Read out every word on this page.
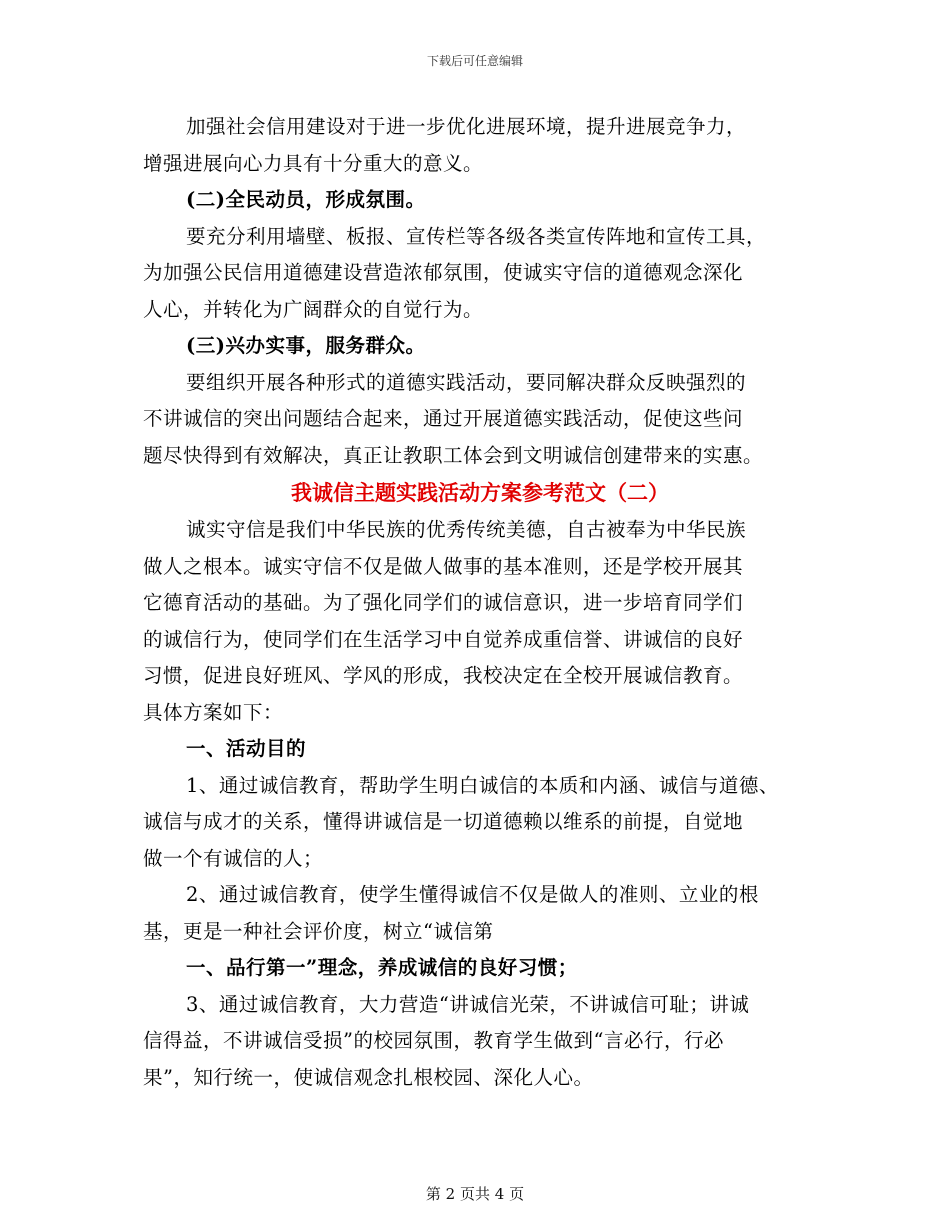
下载后可任意编辑
加强社会信用建设对于进一步优化进展环境，提升进展竞争力，
增强进展向心力具有十分重大的意义。
(二)全民动员，形成氛围。
要充分利用墙壁、板报、宣传栏等各级各类宣传阵地和宣传工具，
为加强公民信用道德建设营造浓郁氛围，使诚实守信的道德观念深化
人心，并转化为广阔群众的自觉行为。
(三)兴办实事，服务群众。
要组织开展各种形式的道德实践活动，要同解决群众反映强烈的
不讲诚信的突出问题结合起来，通过开展道德实践活动，促使这些问
题尽快得到有效解决，真正让教职工体会到文明诚信创建带来的实惠。
我诚信主题实践活动方案参考范文（二）
诚实守信是我们中华民族的优秀传统美德，自古被奉为中华民族
做人之根本。诚实守信不仅是做人做事的基本准则，还是学校开展其
它德育活动的基础。为了强化同学们的诚信意识，进一步培育同学们
的诚信行为，使同学们在生活学习中自觉养成重信誉、讲诚信的良好
习惯，促进良好班风、学风的形成，我校决定在全校开展诚信教育。
具体方案如下：
一、活动目的
1、通过诚信教育，帮助学生明白诚信的本质和内涵、诚信与道德、
诚信与成才的关系，懂得讲诚信是一切道德赖以维系的前提，自觉地
做一个有诚信的人；
2、通过诚信教育，使学生懂得诚信不仅是做人的准则、立业的根
基，更是一种社会评价度，树立“诚信第
一、品行第一”理念，养成诚信的良好习惯；
3、通过诚信教育，大力营造“讲诚信光荣，不讲诚信可耻；讲诚
信得益，不讲诚信受损”的校园氛围，教育学生做到“言必行，行必
果”，知行统一，使诚信观念扎根校园、深化人心。
第 2 页共 4 页
